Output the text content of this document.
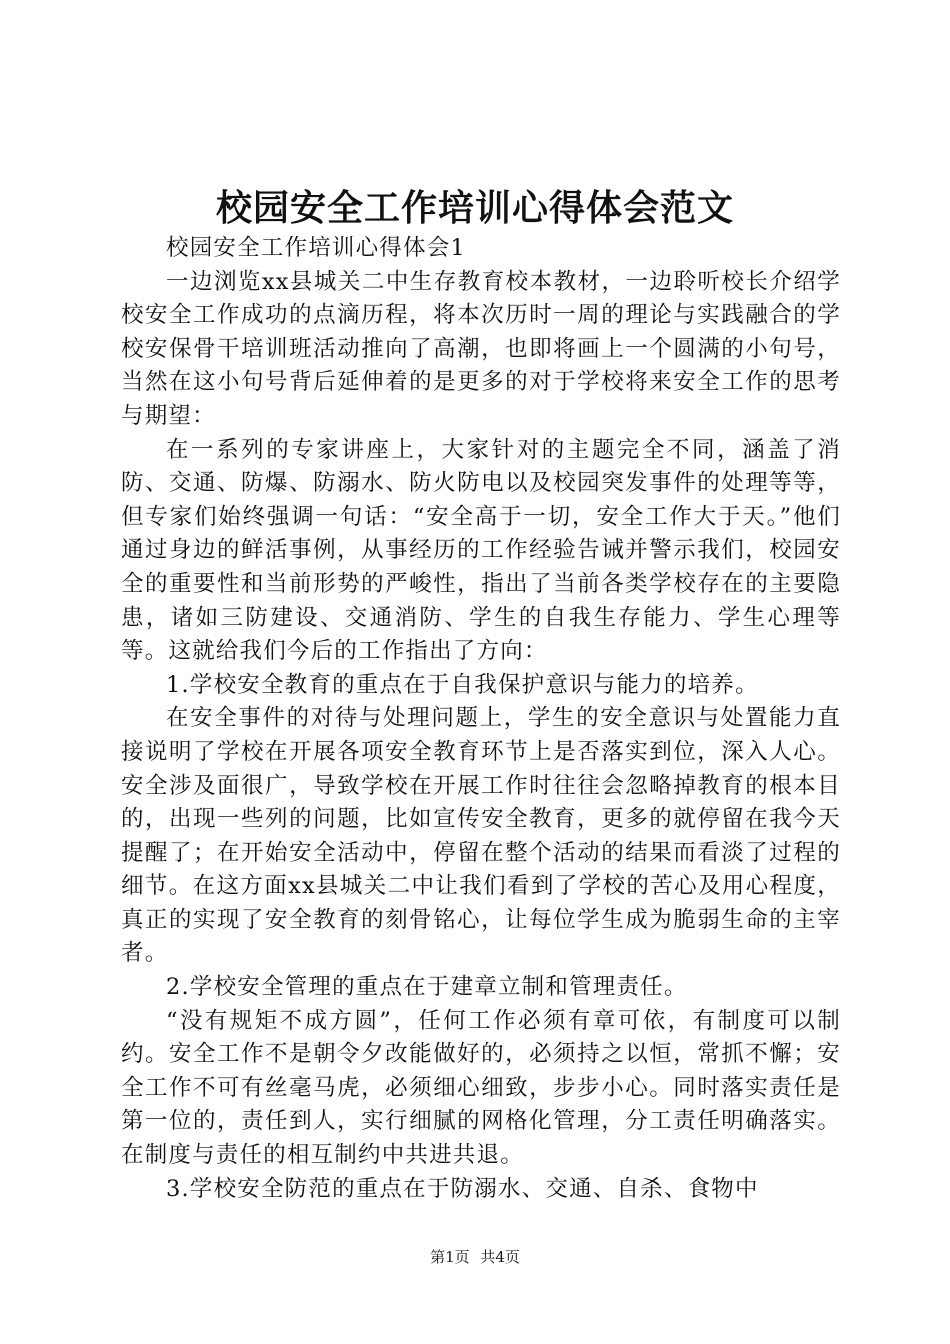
校园安全工作培训心得体会范文

校园安全工作培训心得体会1

一边浏览xx县城关二中生存教育校本教材，一边聆听校长介绍学校安全工作成功的点滴历程，将本次历时一周的理论与实践融合的学校安保骨干培训班活动推向了高潮，也即将画上一个圆满的小句号，当然在这小句号背后延伸着的是更多的对于学校将来安全工作的思考与期望：

在一系列的专家讲座上，大家针对的主题完全不同，涵盖了消防、交通、防爆、防溺水、防火防电以及校园突发事件的处理等等，但专家们始终强调一句话：“安全高于一切，安全工作大于天。”他们通过身边的鲜活事例，从事经历的工作经验告诫并警示我们，校园安全的重要性和当前形势的严峻性，指出了当前各类学校存在的主要隐患，诸如三防建设、交通消防、学生的自我生存能力、学生心理等等。这就给我们今后的工作指出了方向：

1.学校安全教育的重点在于自我保护意识与能力的培养。

在安全事件的对待与处理问题上，学生的安全意识与处置能力直接说明了学校在开展各项安全教育环节上是否落实到位，深入人心。安全涉及面很广，导致学校在开展工作时往往会忽略掉教育的根本目的，出现一些列的问题，比如宣传安全教育，更多的就停留在我今天提醒了；在开始安全活动中，停留在整个活动的结果而看淡了过程的细节。在这方面xx县城关二中让我们看到了学校的苦心及用心程度，真正的实现了安全教育的刻骨铭心，让每位学生成为脆弱生命的主宰者。

2.学校安全管理的重点在于建章立制和管理责任。

“没有规矩不成方圆”，任何工作必须有章可依，有制度可以制约。安全工作不是朝令夕改能做好的，必须持之以恒，常抓不懈；安全工作不可有丝毫马虎，必须细心细致，步步小心。同时落实责任是第一位的，责任到人，实行细腻的网格化管理，分工责任明确落实。在制度与责任的相互制约中共进共退。

3.学校安全防范的重点在于防溺水、交通、自杀、食物中

第1页 共4页
